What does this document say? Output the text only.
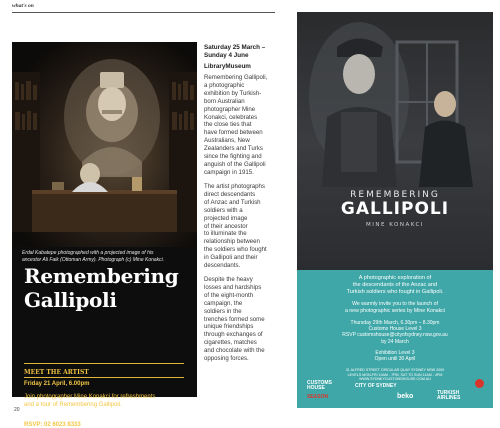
what's on
Erdal Kabatepe photographed with a projected image of his
ancestor Ali Faik (Ottoman Army). Photograph (c) Mine Konakci.
Remembering
Gallipoli
MEET THE ARTIST
Friday 21 April, 6.00pm
Join photographer Mine Konakci for refreshments
and a tour of Remembering Gallipoli.
RSVP: 02 6023 8333
Saturday 25 March –
Sunday 4 June
LibraryMuseum
Remembering Gallipoli,
a photographic
exhibition by Turkish-
born Australian
photographer Mine
Konakci, celebrates
the close ties that
have formed between
Australians, New
Zealanders and Turks
since the fighting and
anguish of the Gallipoli
campaign in 1915.
The artist photographs
direct descendants
of Anzac and Turkish
soldiers with a
projected image
of their ancestor
to illuminate the
relationship between
the soldiers who fought
in Gallipoli and their
descendants.
Despite the heavy
losses and hardships
of the eight-month
campaign, the
soldiers in the
trenches formed some
unique friendships
through exchanges of
cigarettes, matches
and chocolate with the
opposing forces.
REMEMBERING
GALLIPOLI
MINE KONAKCI
A photographic exploration of
the descendants of the Anzac and
Turkish soldiers who fought in Gallipoli.
We warmly invite you to the launch of
a new photographic series by Mine Konakci
Thursday 29th March, 6.30pm – 8.30pm
Customs House Level 3
RSVP customshouse@cityofsydney.nsw.gov.au
by 24 March
Exhibition Level 3
Open until 30 April
31 ALFRED STREET CIRCULAR QUAY SYDNEY NSW 2000
LEVELS MON-FRI 10AM - 7PM, SAT TO SUN 11AM - 4PM
WWW.SYDNEYCUSTOMSHOUSE.COM.AU
CUSTOMS HOUSE	CITY OF SYDNEY
SEASON	beko	TURKISH AIRLINES
20
